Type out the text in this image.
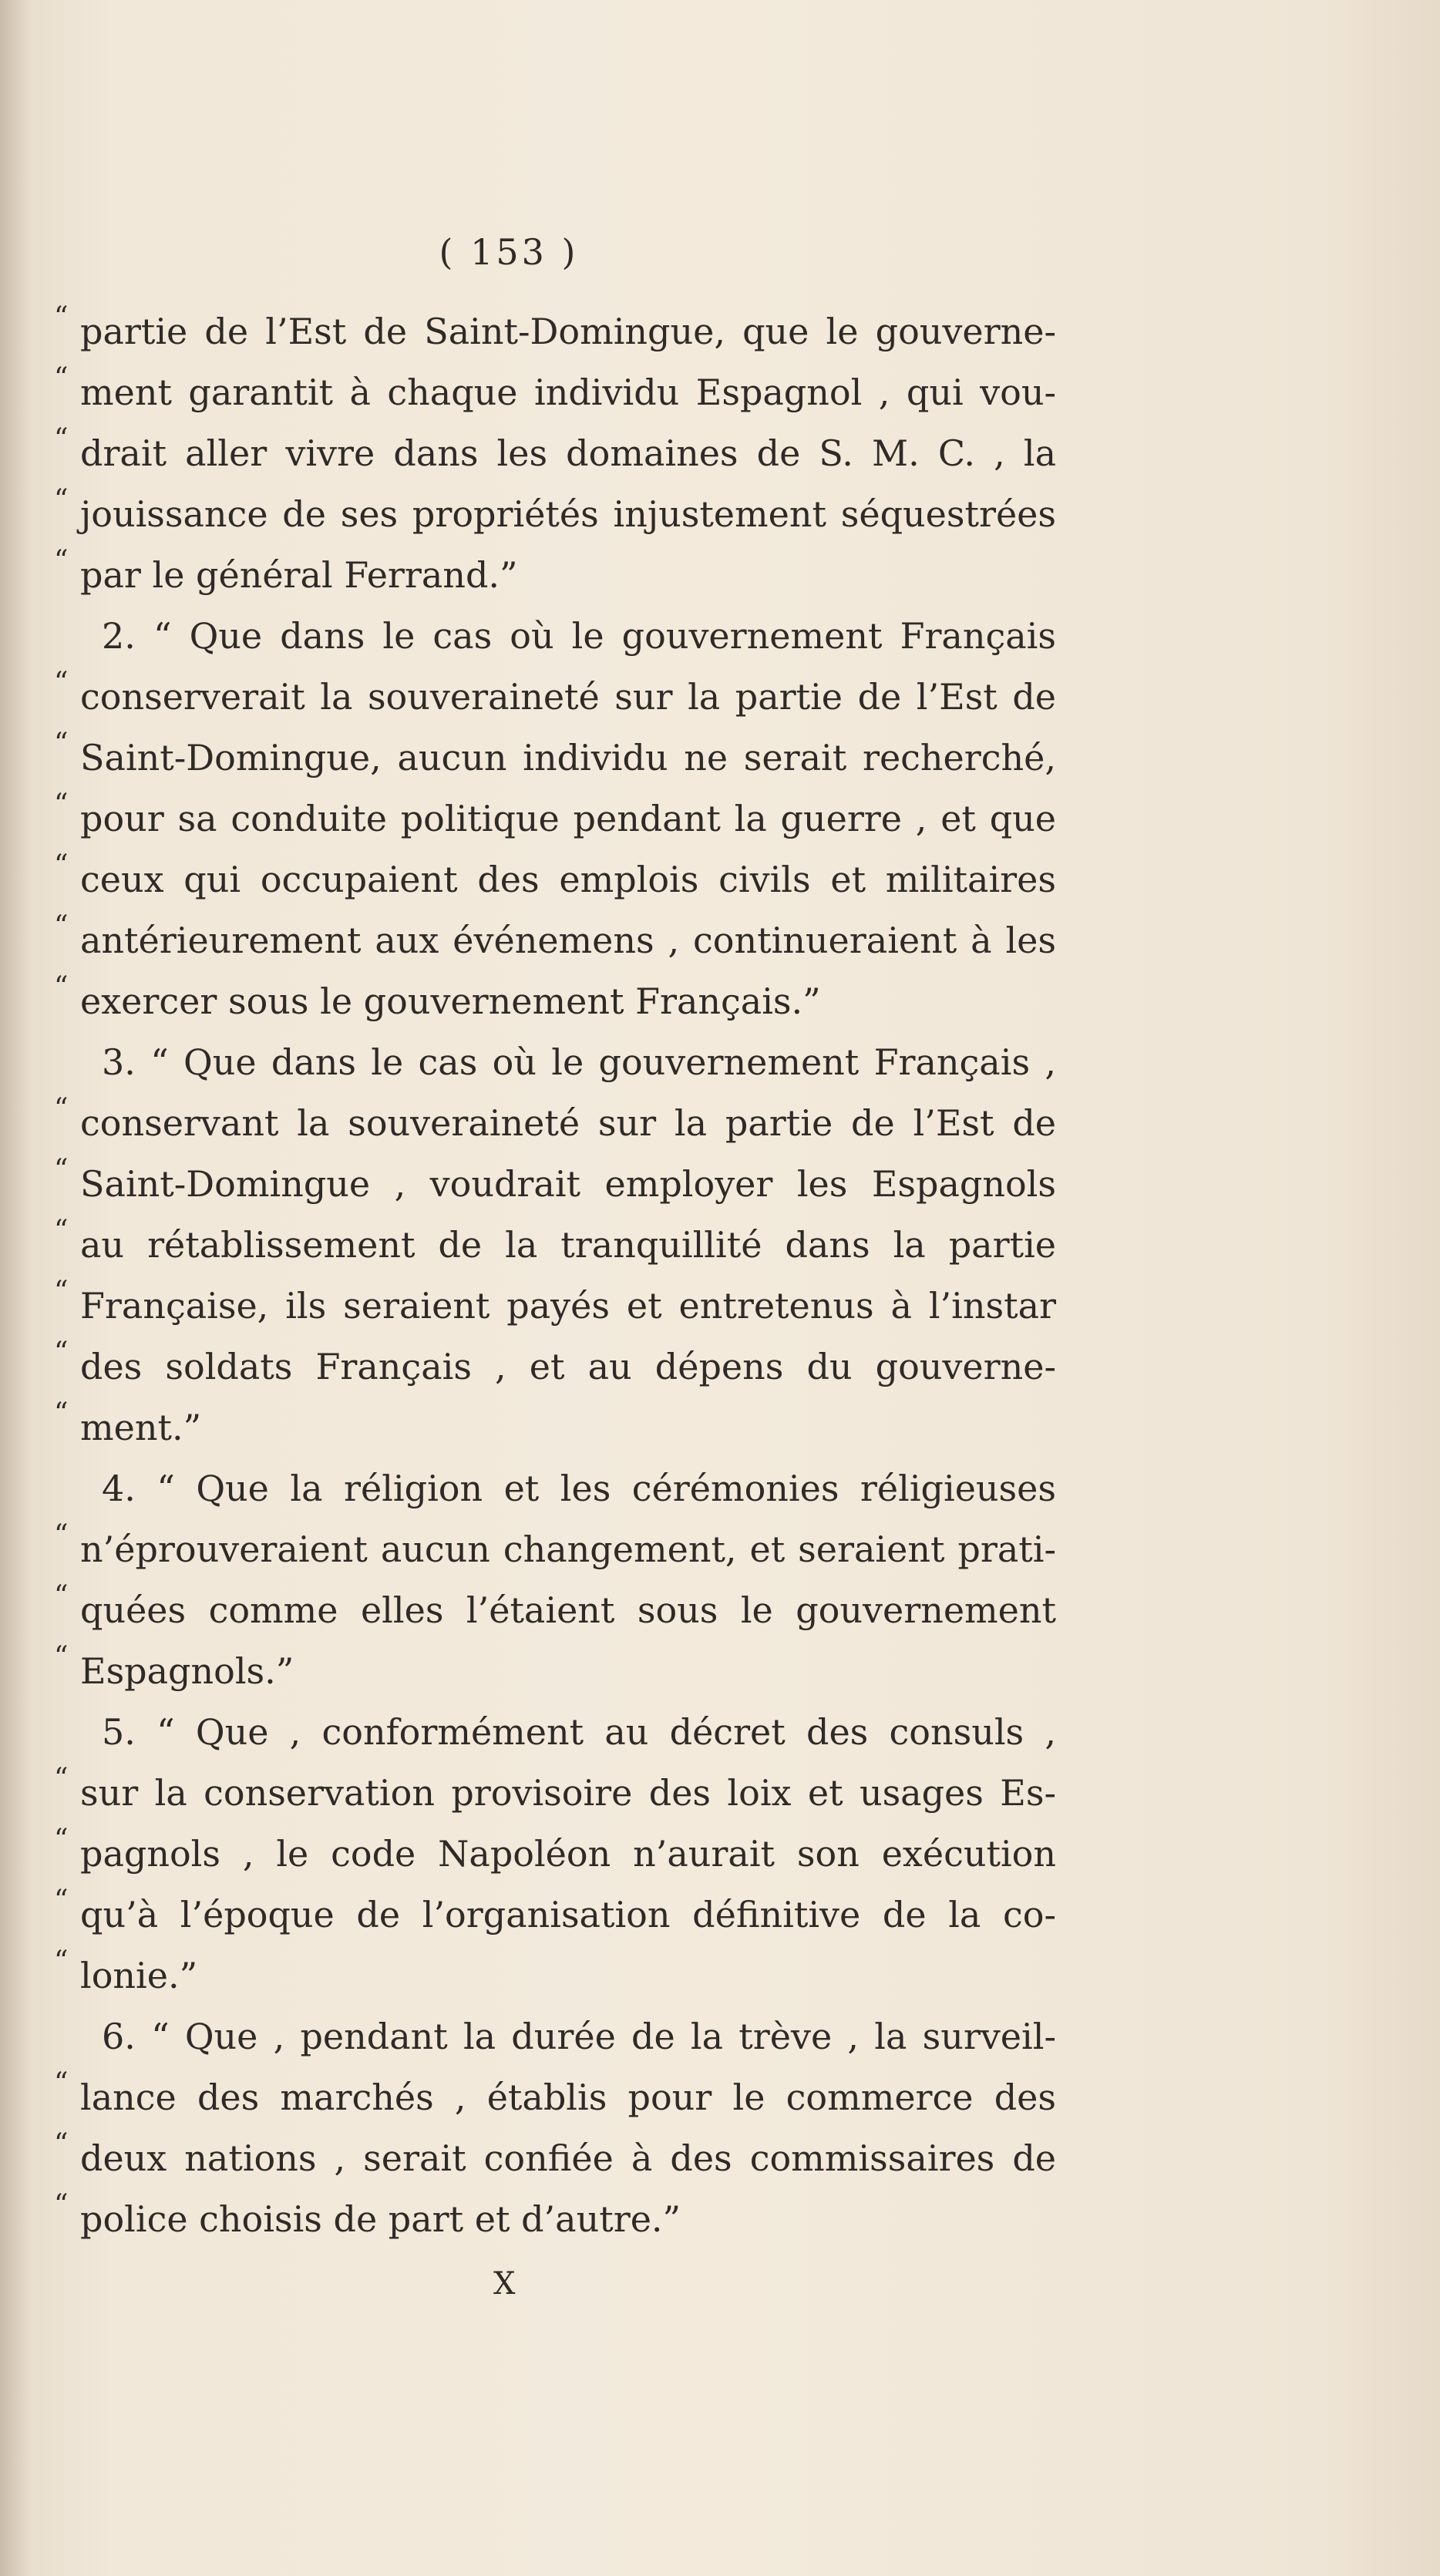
( 153 )
“ partie de l’Est de Saint-Domingue, que le gouverne-
“ ment garantit à chaque individu Espagnol , qui vou-
“ drait aller vivre dans les domaines de S. M. C. , la
“ jouissance de ses propriétés injustement séquestrées
“ par le général Ferrand.”
2. “ Que dans le cas où le gouvernement Français
“ conserverait la souveraineté sur la partie de l’Est de
“ Saint-Domingue, aucun individu ne serait recherché,
“ pour sa conduite politique pendant la guerre , et que
“ ceux qui occupaient des emplois civils et militaires
“ antérieurement aux événemens , continueraient à les
“ exercer sous le gouvernement Français.”
3. “ Que dans le cas où le gouvernement Français ,
“ conservant la souveraineté sur la partie de l’Est de
“ Saint-Domingue , voudrait employer les Espagnols
“ au rétablissement de la tranquillité dans la partie
“ Française, ils seraient payés et entretenus à l’instar
“ des soldats Français , et au dépens du gouverne-
“ ment.”
4. “ Que la réligion et les cérémonies réligieuses
“ n’éprouveraient aucun changement, et seraient prati-
“ quées comme elles l’étaient sous le gouvernement
“ Espagnols.”
5. “ Que , conformément au décret des consuls ,
“ sur la conservation provisoire des loix et usages Es-
“ pagnols , le code Napoléon n’aurait son exécution
“ qu’à l’époque de l’organisation définitive de la co-
“ lonie.”
6. “ Que , pendant la durée de la trève , la surveil-
“ lance des marchés , établis pour le commerce des
“ deux nations , serait confiée à des commissaires de
“ police choisis de part et d’autre.”
X
